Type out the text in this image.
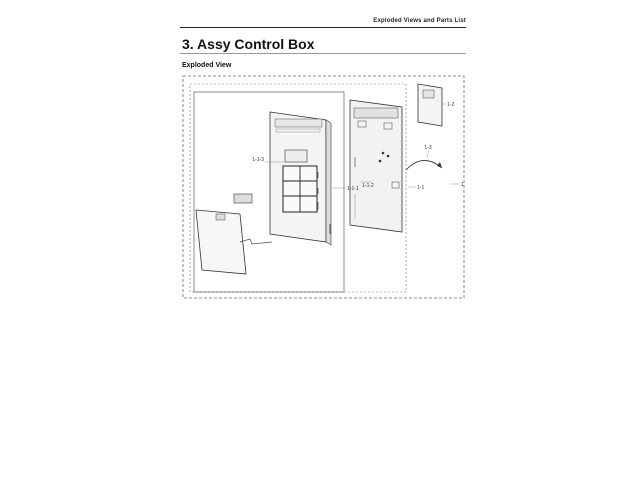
Exploded Views and Parts List
3. Assy Control Box
Exploded View
1-1-3
1-1-2
1-2
1-3
1-1-1	1-1	1
